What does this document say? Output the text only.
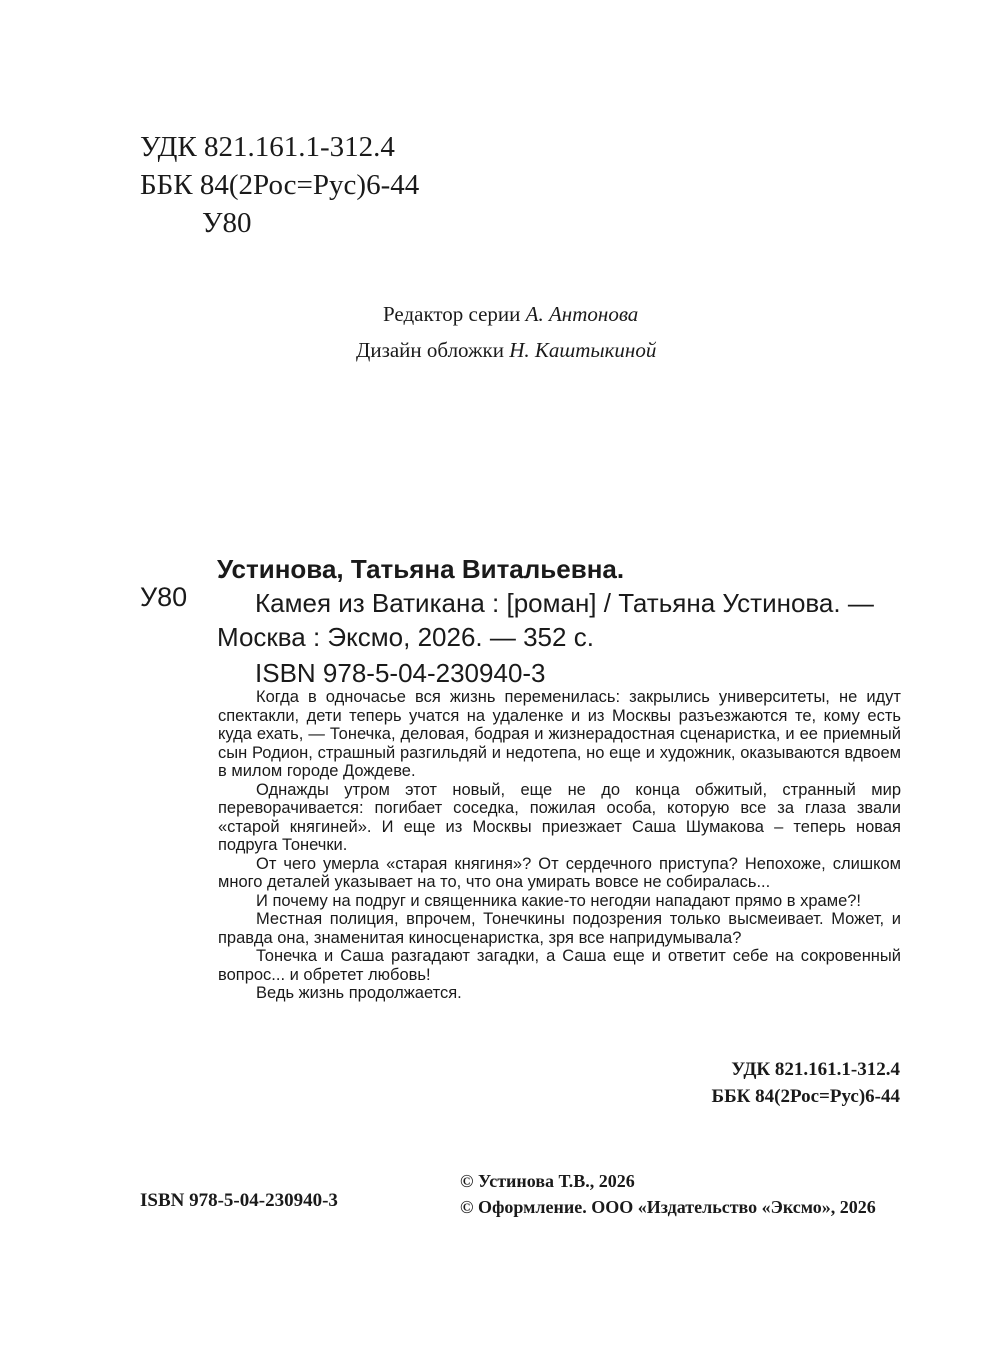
УДК 821.161.1-312.4
ББК 84(2Рос=Рус)6-44
У80
Редактор серии А. Антонова
Дизайн обложки Н. Каштыкиной
У80
Устинова, Татьяна Витальевна.
Камея из Ватикана : [роман] / Татьяна Устинова. —
Москва : Эксмо, 2026. — 352 с.
ISBN 978-5-04-230940-3

Когда в одночасье вся жизнь переменилась: закрылись университеты, не идут спектакли, дети теперь учатся на удаленке и из Москвы разъезжаются те, кому есть куда ехать, — Тонечка, деловая, бодрая и жизнерадостная сценаристка, и ее приемный сын Родион, страшный разгильдяй и недотепа, но еще и художник, оказываются вдвоем в милом городе Дождеве.

Однажды утром этот новый, еще не до конца обжитый, странный мир переворачивается: погибает соседка, пожилая особа, которую все за глаза звали «старой княгиней». И еще из Москвы приезжает Саша Шумакова – теперь новая подруга Тонечки.

От чего умерла «старая княгиня»? От сердечного приступа? Непохоже, слишком много деталей указывает на то, что она умирать вовсе не собиралась...

И почему на подруг и священника какие-то негодяи нападают прямо в храме?!

Местная полиция, впрочем, Тонечкины подозрения только высмеивает. Может, и правда она, знаменитая киносценаристка, зря все напридумывала?

Тонечка и Саша разгадают загадки, а Саша еще и ответит себе на сокровенный вопрос... и обретет любовь!

Ведь жизнь продолжается.

УДК 821.161.1-312.4
ББК 84(2Рос=Рус)6-44
© Устинова Т.В., 2026
© Оформление. ООО «Издательство «Эксмо», 2026
ISBN 978-5-04-230940-3
